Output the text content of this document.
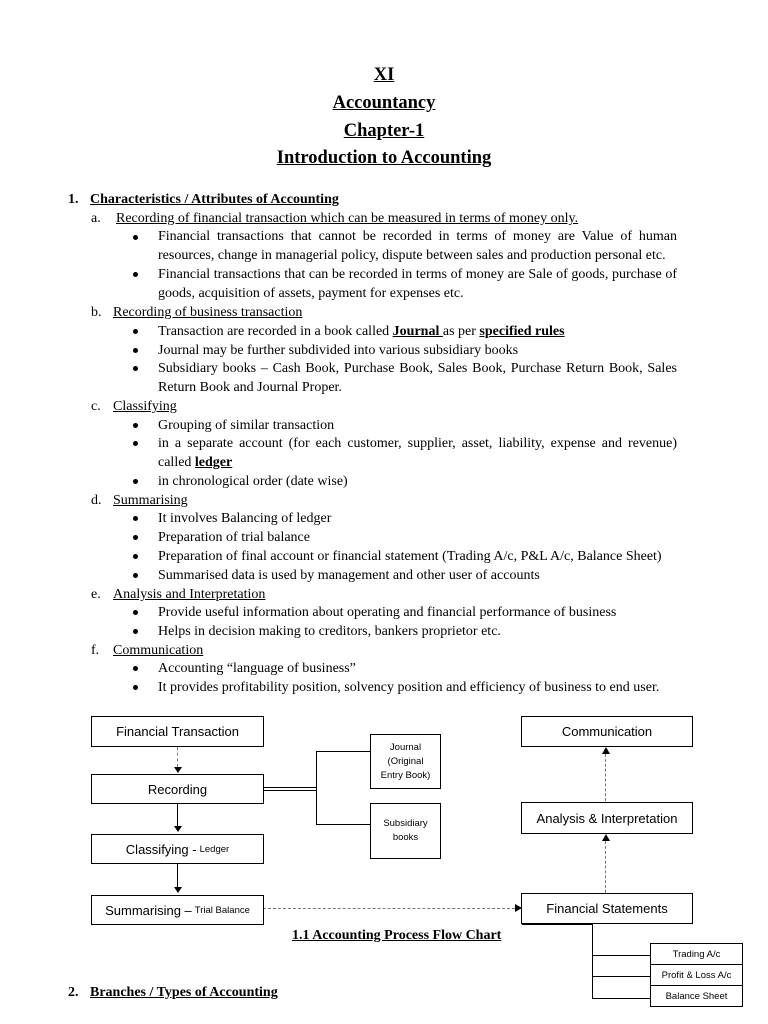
XI
Accountancy
Chapter-1
Introduction to Accounting
1. Characteristics / Attributes of Accounting
a. Recording of financial transaction which can be measured in terms of money only.
Financial transactions that cannot be recorded in terms of money are Value of human resources, change in managerial policy, dispute between sales and production personal etc.
Financial transactions that can be recorded in terms of money are Sale of goods, purchase of goods, acquisition of assets, payment for expenses etc.
b. Recording of business transaction
Transaction are recorded in a book called Journal as per specified rules
Journal may be further subdivided into various subsidiary books
Subsidiary books – Cash Book, Purchase Book, Sales Book, Purchase Return Book, Sales Return Book and Journal Proper.
c. Classifying
Grouping of similar transaction
in a separate account (for each customer, supplier, asset, liability, expense and revenue) called ledger
in chronological order (date wise)
d. Summarising
It involves Balancing of ledger
Preparation of trial balance
Preparation of final account or financial statement (Trading A/c, P&L A/c, Balance Sheet)
Summarised data is used by management and other user of accounts
e. Analysis and Interpretation
Provide useful information about operating and financial performance of business
Helps in decision making to creditors, bankers proprietor etc.
f. Communication
Accounting “language of business”
It provides profitability position, solvency position and efficiency of business to end user.
Financial Transaction
Recording
Classifying - Ledger
Summarising – Trial Balance
Journal
(Original
Entry Book)
Subsidiary
books
Communication
Analysis & Interpretation
Financial Statements
Trading A/c
Profit & Loss A/c
Balance Sheet
1.1 Accounting Process Flow Chart
2. Branches / Types of Accounting
